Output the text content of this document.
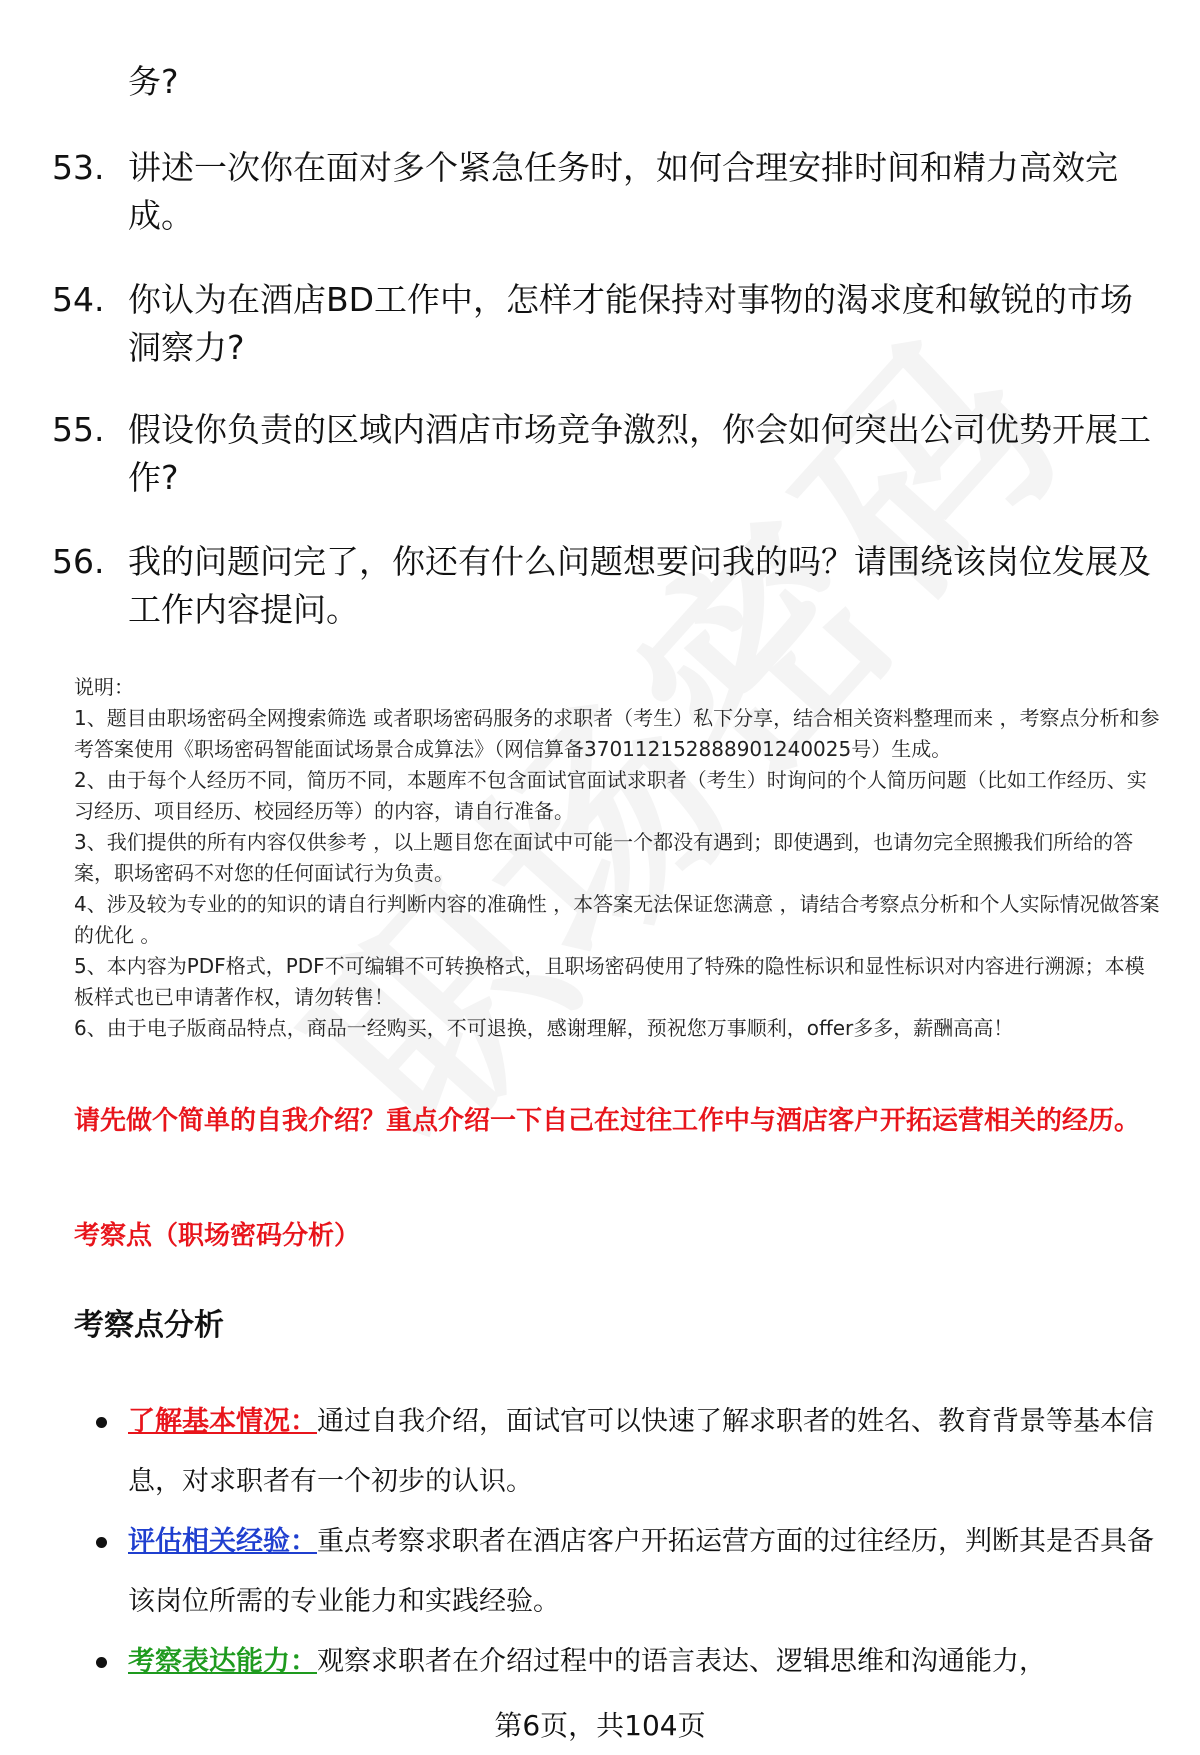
务?
53. 讲述一次你在面对多个紧急任务时，如何合理安排时间和精力高效完成。
54. 你认为在酒店BD工作中，怎样才能保持对事物的渴求度和敏锐的市场洞察力?
55. 假设你负责的区域内酒店市场竞争激烈，你会如何突出公司优势开展工作?
56. 我的问题问完了，你还有什么问题想要问我的吗？请围绕该岗位发展及工作内容提问。

说明：

1、题目由职场密码全网搜索筛选 或者职场密码服务的求职者（考生）私下分享，结合相关资料整理而来 ，考察点分析和参考答案使用《职场密码智能面试场景合成算法》（网信算备370112152888901240025号）生成。

2、由于每个人经历不同，简历不同，本题库不包含面试官面试求职者（考生）时询问的个人简历问题（比如工作经历、实习经历、项目经历、校园经历等）的内容，请自行准备。

3、我们提供的所有内容仅供参考 ，以上题目您在面试中可能一个都没有遇到；即使遇到，也请勿完全照搬我们所给的答案，职场密码不对您的任何面试行为负责。

4、涉及较为专业的的知识的请自行判断内容的准确性 ，本答案无法保证您满意 ，请结合考察点分析和个人实际情况做答案的优化 。

5、本内容为PDF格式，PDF不可编辑不可转换格式，且职场密码使用了特殊的隐性标识和显性标识对内容进行溯源；本模板样式也已申请著作权，请勿转售！

6、由于电子版商品特点，商品一经购买，不可退换，感谢理解，预祝您万事顺利，offer多多，薪酬高高！

请先做个简单的自我介绍？重点介绍一下自己在过往工作中与酒店客户开拓运营相关的经历。
考察点（职场密码分析）
考察点分析
了解基本情况：通过自我介绍，面试官可以快速了解求职者的姓名、教育背景等基本信息，对求职者有一个初步的认识。
评估相关经验：重点考察求职者在酒店客户开拓运营方面的过往经历，判断其是否具备该岗位所需的专业能力和实践经验。
考察表达能力：观察求职者在介绍过程中的语言表达、逻辑思维和沟通能力，
第6页，共104页
